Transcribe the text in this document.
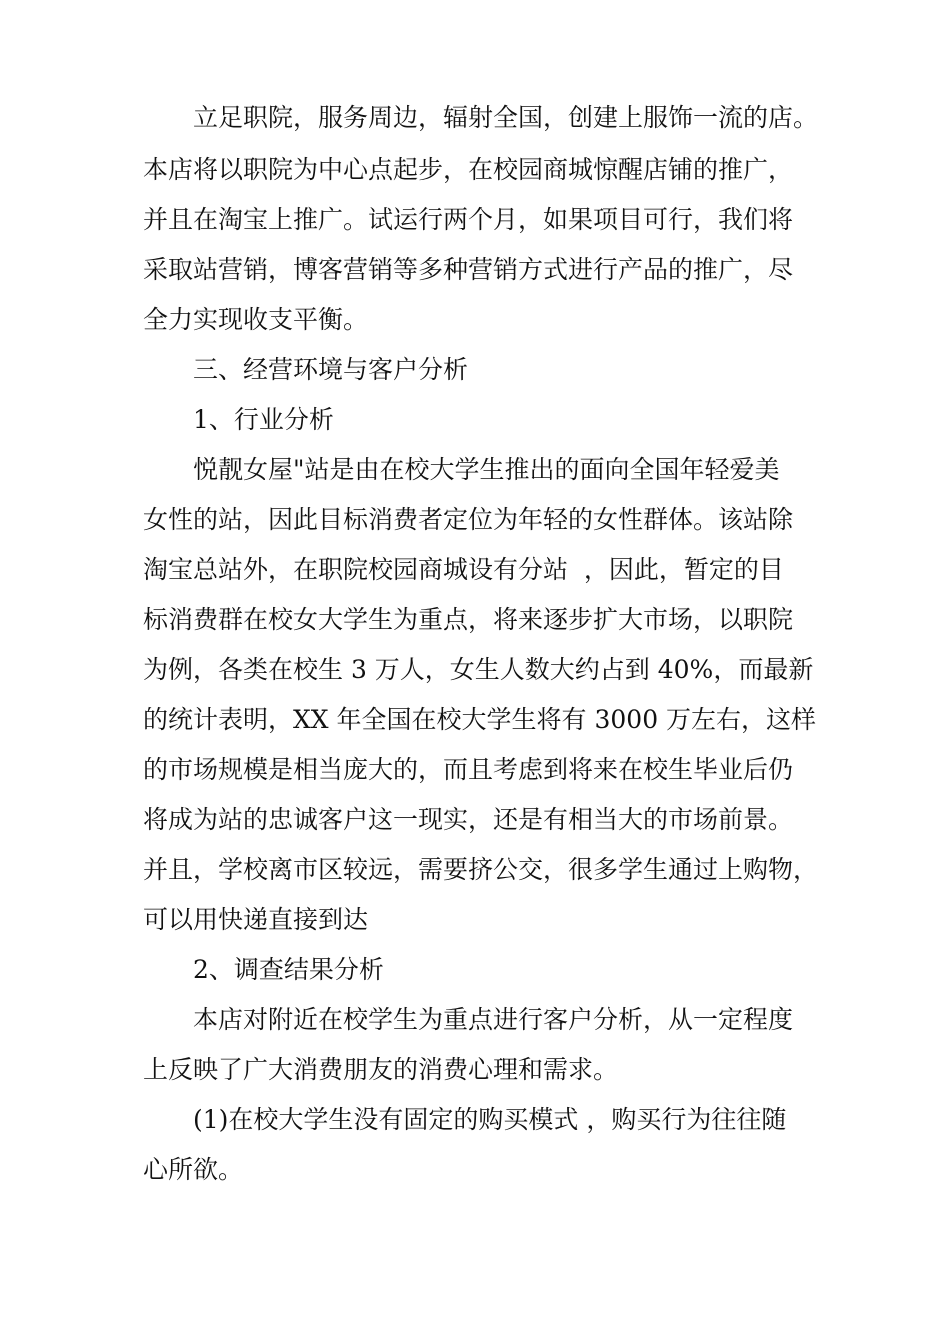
立足职院，服务周边，辐射全国，创建上服饰一流的店。
本店将以职院为中心点起步，在校园商城惊醒店铺的推广，
并且在淘宝上推广。试运行两个月，如果项目可行，我们将
采取站营销，博客营销等多种营销方式进行产品的推广，尽
全力实现收支平衡。
三、经营环境与客户分析
1、行业分析
悦靓女屋"站是由在校大学生推出的面向全国年轻爱美
女性的站，因此目标消费者定位为年轻的女性群体。该站除
淘宝总站外，在职院校园商城设有分站  ，因此，暂定的目
标消费群在校女大学生为重点，将来逐步扩大市场，以职院
为例，各类在校生 3 万人，女生人数大约占到 40%，而最新
的统计表明，XX 年全国在校大学生将有 3000 万左右，这样
的市场规模是相当庞大的，而且考虑到将来在校生毕业后仍
将成为站的忠诚客户这一现实，还是有相当大的市场前景。
并且，学校离市区较远，需要挤公交，很多学生通过上购物，
可以用快递直接到达
2、调查结果分析
本店对附近在校学生为重点进行客户分析，从一定程度
上反映了广大消费朋友的消费心理和需求。
(1)在校大学生没有固定的购买模式 ，购买行为往往随
心所欲。
